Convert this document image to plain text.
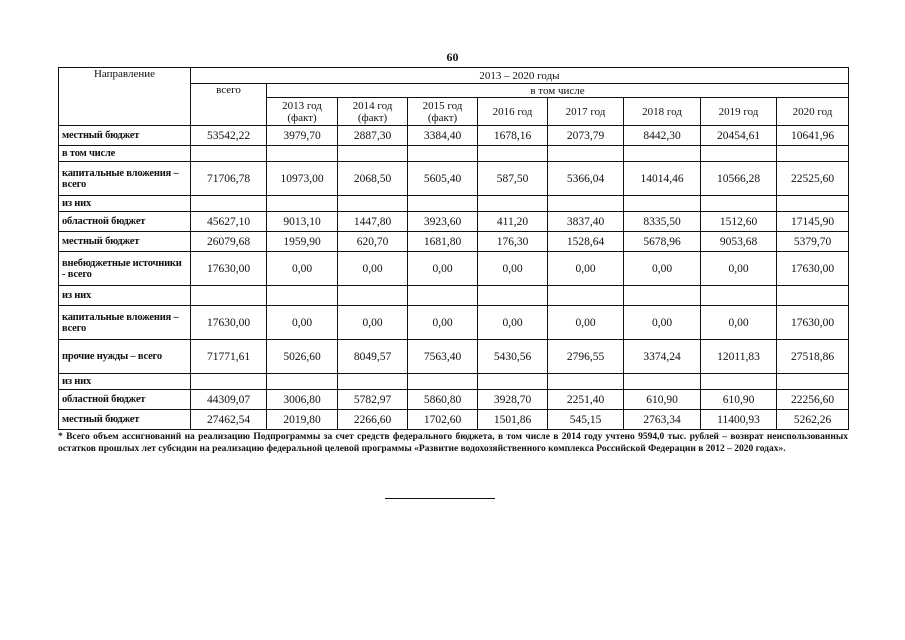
60
Направление	2013 – 2020 годы								
	всего	в том числе							
		2013 год (факт)	2014 год (факт)	2015 год (факт)	2016 год	2017 год	2018 год	2019 год	2020 год
местный бюджет	53542,22	3979,70	2887,30	3384,40	1678,16	2073,79	8442,30	20454,61	10641,96
в том числе									
капитальные вложения – всего	71706,78	10973,00	2068,50	5605,40	587,50	5366,04	14014,46	10566,28	22525,60
из них									
областной бюджет	45627,10	9013,10	1447,80	3923,60	411,20	3837,40	8335,50	1512,60	17145,90
местный бюджет	26079,68	1959,90	620,70	1681,80	176,30	1528,64	5678,96	9053,68	5379,70
внебюджетные источники - всего	17630,00	0,00	0,00	0,00	0,00	0,00	0,00	0,00	17630,00
из них									
капитальные вложения – всего	17630,00	0,00	0,00	0,00	0,00	0,00	0,00	0,00	17630,00
прочие нужды – всего	71771,61	5026,60	8049,57	7563,40	5430,56	2796,55	3374,24	12011,83	27518,86
из них									
областной бюджет	44309,07	3006,80	5782,97	5860,80	3928,70	2251,40	610,90	610,90	22256,60
местный бюджет	27462,54	2019,80	2266,60	1702,60	1501,86	545,15	2763,34	11400,93	5262,26
* Всего объем ассигнований на реализацию Подпрограммы за счет средств федерального бюджета, в том числе в 2014 году учтено 9594,0 тыс. рублей – возврат неиспользованных остатков прошлых лет субсидии на реализацию федеральной целевой программы «Развитие водохозяйственного комплекса Российской Федерации в 2012 – 2020 годах».
